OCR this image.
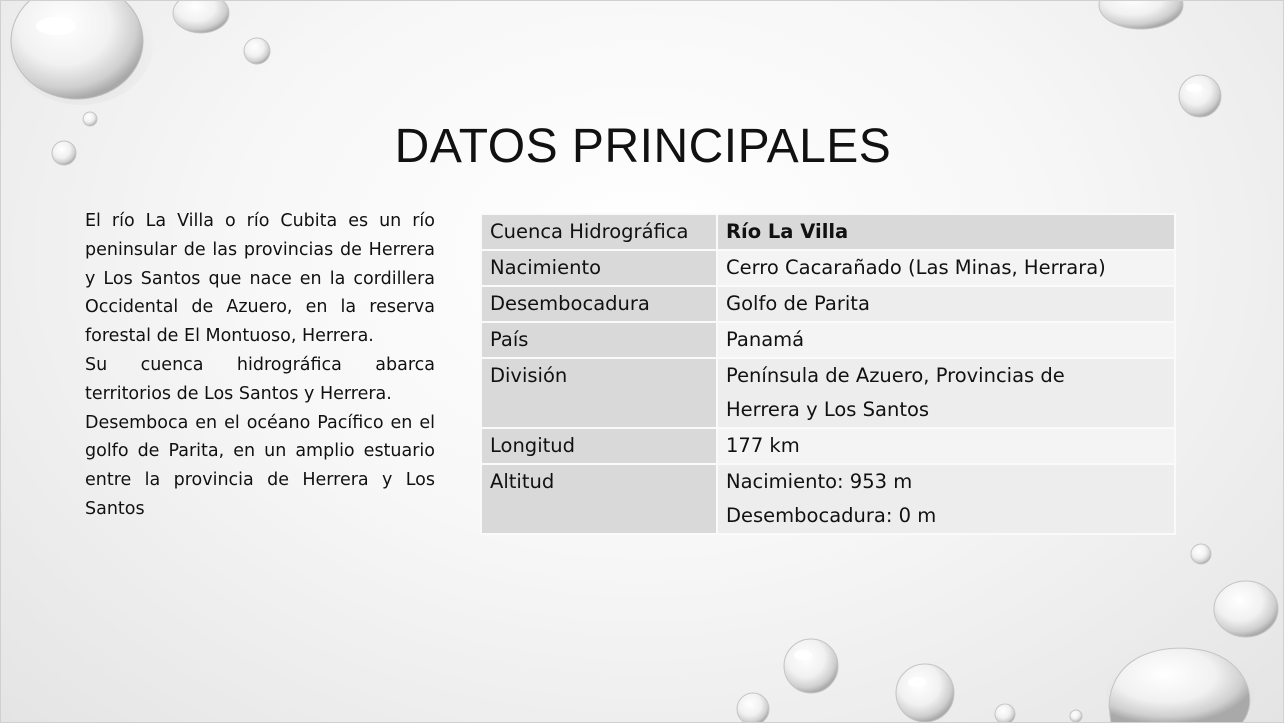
DATOS PRINCIPALES

El río La Villa o río Cubita es un río peninsular de las provincias de Herrera y Los Santos que nace en la cordillera Occidental de Azuero, en la reserva forestal de El Montuoso, Herrera.

Su cuenca hidrográfica abarca territorios de Los Santos y Herrera.

Desemboca en el océano Pacífico en el golfo de Parita, en un amplio estuario entre la provincia de Herrera y Los Santos

Cuenca Hidrográfica	Río La Villa
Nacimiento	Cerro Cacarañado (Las Minas, Herrara)

Desembocadura	Golfo de Parita

País	Panamá

División	Península de Azuero, Provincias de
Herrera y Los Santos

Longitud	177 km

Altitud	Nacimiento: 953 m
Desembocadura: 0 m
